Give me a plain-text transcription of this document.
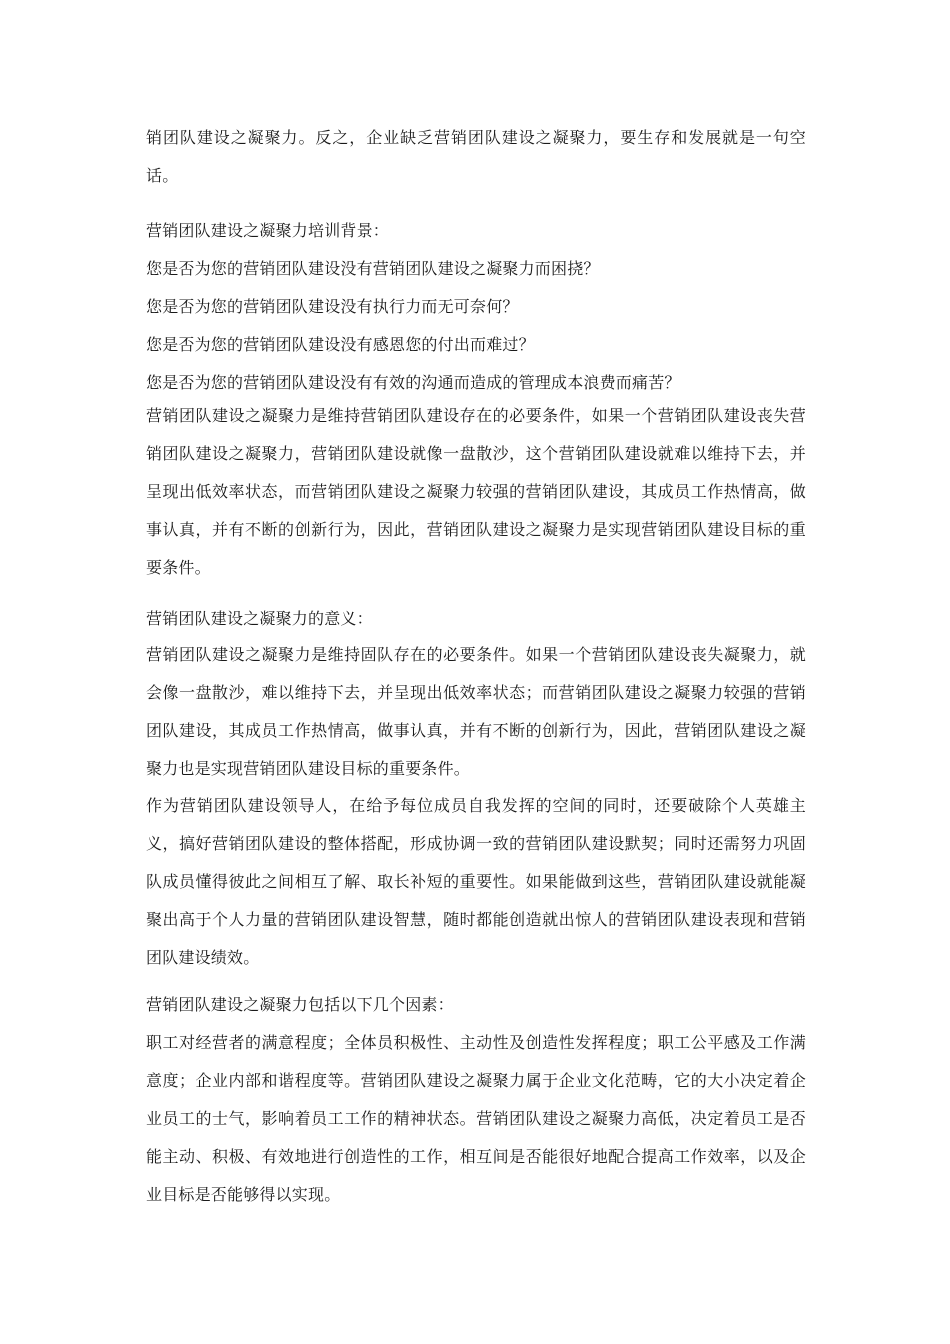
销团队建设之凝聚力。反之，企业缺乏营销团队建设之凝聚力，要生存和发展就是一句空话。

营销团队建设之凝聚力培训背景：

您是否为您的营销团队建设没有营销团队建设之凝聚力而困挠？

您是否为您的营销团队建设没有执行力而无可奈何？

您是否为您的营销团队建设没有感恩您的付出而难过？

您是否为您的营销团队建设没有有效的沟通而造成的管理成本浪费而痛苦？

营销团队建设之凝聚力是维持营销团队建设存在的必要条件，如果一个营销团队建设丧失营销团队建设之凝聚力，营销团队建设就像一盘散沙，这个营销团队建设就难以维持下去，并呈现出低效率状态，而营销团队建设之凝聚力较强的营销团队建设，其成员工作热情高，做事认真，并有不断的创新行为，因此，营销团队建设之凝聚力是实现营销团队建设目标的重要条件。

营销团队建设之凝聚力的意义：

营销团队建设之凝聚力是维持固队存在的必要条件。如果一个营销团队建设丧失凝聚力，就会像一盘散沙，难以维持下去，并呈现出低效率状态；而营销团队建设之凝聚力较强的营销团队建设，其成员工作热情高，做事认真，并有不断的创新行为，因此，营销团队建设之凝聚力也是实现营销团队建设目标的重要条件。

作为营销团队建设领导人，在给予每位成员自我发挥的空间的同时，还要破除个人英雄主义，搞好营销团队建设的整体搭配，形成协调一致的营销团队建设默契；同时还需努力巩固队成员懂得彼此之间相互了解、取长补短的重要性。如果能做到这些，营销团队建设就能凝聚出高于个人力量的营销团队建设智慧，随时都能创造就出惊人的营销团队建设表现和营销团队建设绩效。

营销团队建设之凝聚力包括以下几个因素：

职工对经营者的满意程度；全体员积极性、主动性及创造性发挥程度；职工公平感及工作满意度；企业内部和谐程度等。营销团队建设之凝聚力属于企业文化范畴，它的大小决定着企业员工的士气，影响着员工工作的精神状态。营销团队建设之凝聚力高低，决定着员工是否能主动、积极、有效地进行创造性的工作，相互间是否能很好地配合提高工作效率，以及企业目标是否能够得以实现。
